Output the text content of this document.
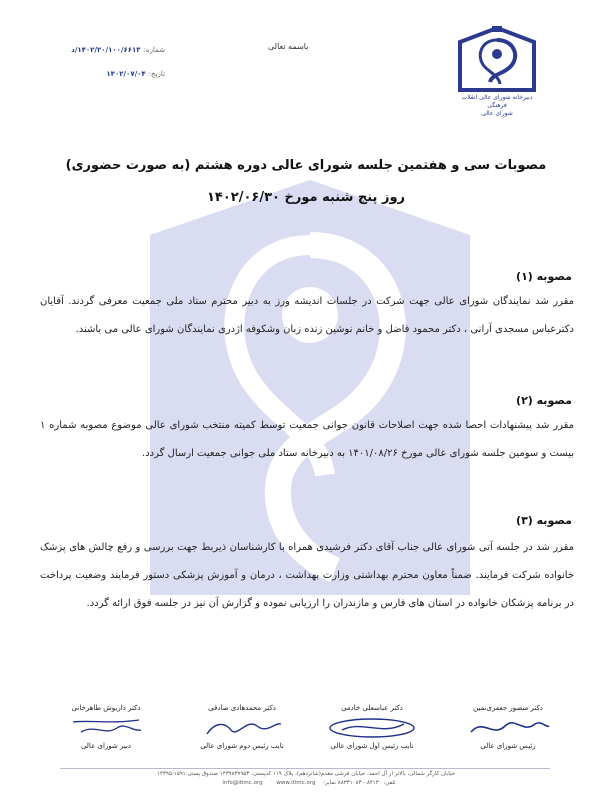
دبیرخانه شورای عالی انقلاب فرهنگی
شورای عالی
باسمه تعالی
شماره:۱۴۰۲/۲۰/۱۰۰/۶۶۱۳/د
تاریخ:۱۴۰۲/۰۷/۰۴
مصوبات سی و هفتمین جلسه شورای عالی دوره هشتم (به صورت حضوری)
روز پنج شنبه مورخ ۱۴۰۲/۰۶/۳۰
مصوبه (۱)
مقرر شد نمایندگان شورای عالی جهت شرکت در جلسات اندیشه ورز به دبیر محترم ستاد ملی جمعیت معرفی گردند. آقایان دکترعباس مسجدی آرانی ، دکتر محمود فاضل و خانم نوشین زنده زبان وشکوفه اژدری نمایندگان شورای عالی می باشند.
مصوبه (۲)
مقرر شد پیشنهادات احصا شده جهت اصلاحات قانون جوانی جمعیت توسط کمیته منتخب شورای عالی موضوع مصوبه شماره ۱ بیست و سومین جلسه شورای عالی مورخ ۱۴۰۱/۰۸/۲۶ به دبیرخانه ستاد ملی جوانی جمعیت ارسال گردد.
مصوبه (۳)
مقرر شد در جلسه آتی شورای عالی جناب آقای دکتر فرشیدی همراه با کارشناسان ذیربط جهت بررسی و رفع چالش های پزشک خانواده شرکت فرمایند. ضمناً معاون محترم بهداشتی وزارت بهداشت ، درمان و آموزش پزشکی دستور فرمایند وضعیت پرداخت در برنامه پزشکان خانواده در استان های فارس و مازندران را ارزیابی نموده و گزارش آن نیز در جلسه فوق ارائه گردد.
دکتر منصور جعفری‌نمین
رئیس شورای عالی
دکتر عباسعلی خادمی
نایب رئیس اول شورای عالی
دکتر محمدهادی صادقی
نایب رئیس دوم شورای عالی
دکتر داریوش طاهرخانی
دبیر شورای عالی
خیابان کارگر شمالی، بالاتر از آل احمد، خیابان فرشی مقدم(شانزدهم)، پلاک ۱۱۹ کدپستی: ۱۴۳۹۸۳۷۹۵۳ صندوق پستی:۱۵۹۱-۱۴۳۹۵
تلفن: ۸۴۱۳۰ - ۸۸۳۳۱۰۸۳ نمابر: www.itimc.org info@itimc.org
